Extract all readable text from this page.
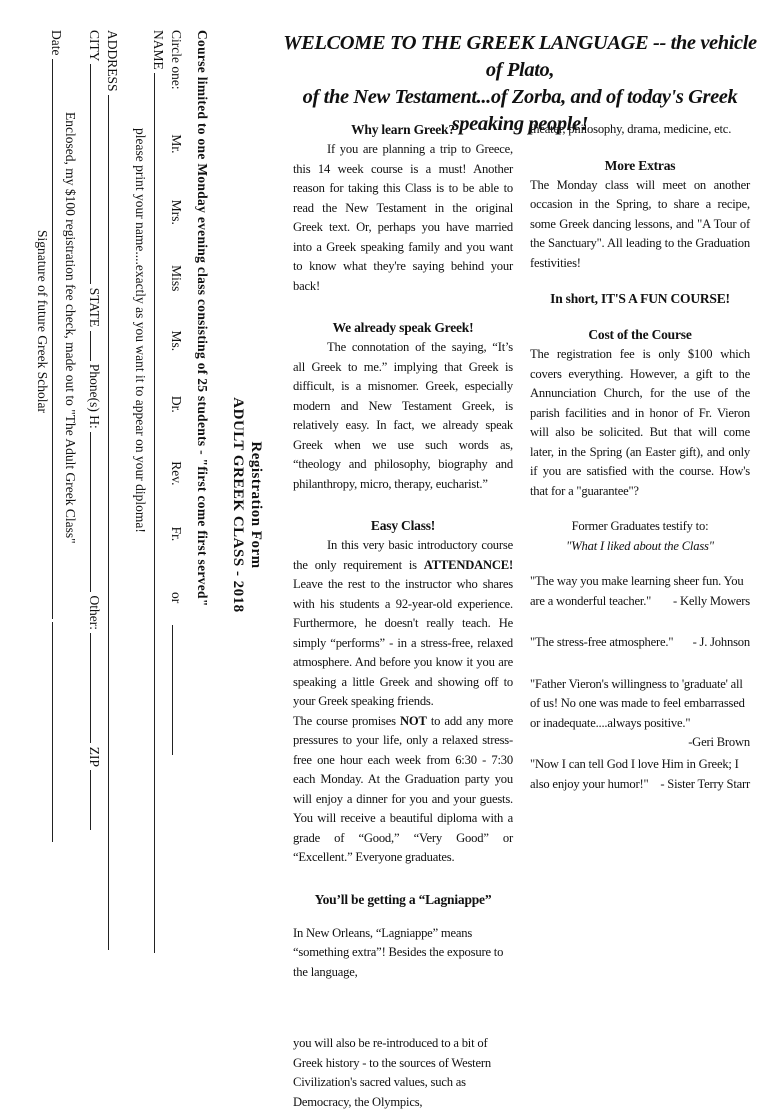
Registration Form
ADULT GREEK CLASS - 2018
Course limited to one Monday evening class consisting of 25 students - "first come first served"
Circle one:  Mr. Mrs. Miss Ms. Dr. Rev. Fr. or
NAME
please print your name....exactly as you want it to appear on your diploma!
ADDRESS
CITY  STATE  Phone(s) H:  Other:  ZIP
Enclosed, my $100 registration fee check, made out to "The Adult Greek Class"
Date
Signature of future Greek Scholar
WELCOME TO THE GREEK LANGUAGE -- the vehicle of Plato,
of the New Testament...of Zorba, and of today's Greek speaking people!
Why learn Greek?

If you are planning a trip to Greece, this 14 week course is a must! Another reason for taking this Class is to be able to read the New Testament in the original Greek text. Or, perhaps you have married into a Greek speaking family and you want to know what they're saying behind your back!

We already speak Greek!

The connotation of the saying, “It’s all Greek to me.” implying that Greek is difficult, is a misnomer. Greek, especially modern and New Testament Greek, is relatively easy. In fact, we already speak Greek when we use such words as, “theology and philosophy, biography and philanthropy, micro, therapy, eucharist.”

Easy Class!

In this very basic introductory course the only requirement is ATTENDANCE! Leave the rest to the instructor who shares with his students a 92-year-old experience. Furthermore, he doesn't really teach. He simply “performs” - in a stress-free, relaxed atmosphere. And before you know it you are speaking a little Greek and showing off to your Greek speaking friends.

The course promises NOT to add any more pressures to your life, only a relaxed stress-free one hour each week from 6:30 - 7:30 each Monday. At the Graduation party you will enjoy a dinner for you and your guests. You will receive a beautiful diploma with a grade of “Good,” “Very Good” or “Excellent.” Everyone graduates.

You’ll be getting a “Lagniappe”

In New Orleans, “Lagniappe” means “something extra”! Besides the exposure to the language,

you will also be re-introduced to a bit of Greek history - to the sources of Western Civilization's sacred values, such as Democracy, the Olympics,

theater, philosophy, drama, medicine, etc.

More Extras

The Monday class will meet on another occasion in the Spring, to share a recipe, some Greek dancing lessons, and "A Tour of the Sanctuary". All leading to the Graduation festivities!

In short, IT'S A FUN COURSE!
Cost of the Course

The registration fee is only $100 which covers everything. However, a gift to the Annunciation Church, for the use of the parish facilities and in honor of Fr. Vieron will also be solicited. But that will come later, in the Spring (an Easter gift), and only if you are satisfied with the course. How's that for a "guarantee"?

Former Graduates testify to:

"What I liked about the Class"

"The way you make learning sheer fun. You are a wonderful teacher." - Kelly Mowers

"The stress-free atmosphere." - J. Johnson

"Father Vieron's willingness to 'graduate' all of us! No one was made to feel embarrassed or inadequate....always positive."
-Geri Brown

"Now I can tell God I love Him in Greek; I also enjoy your humor!" - Sister Terry Starr
